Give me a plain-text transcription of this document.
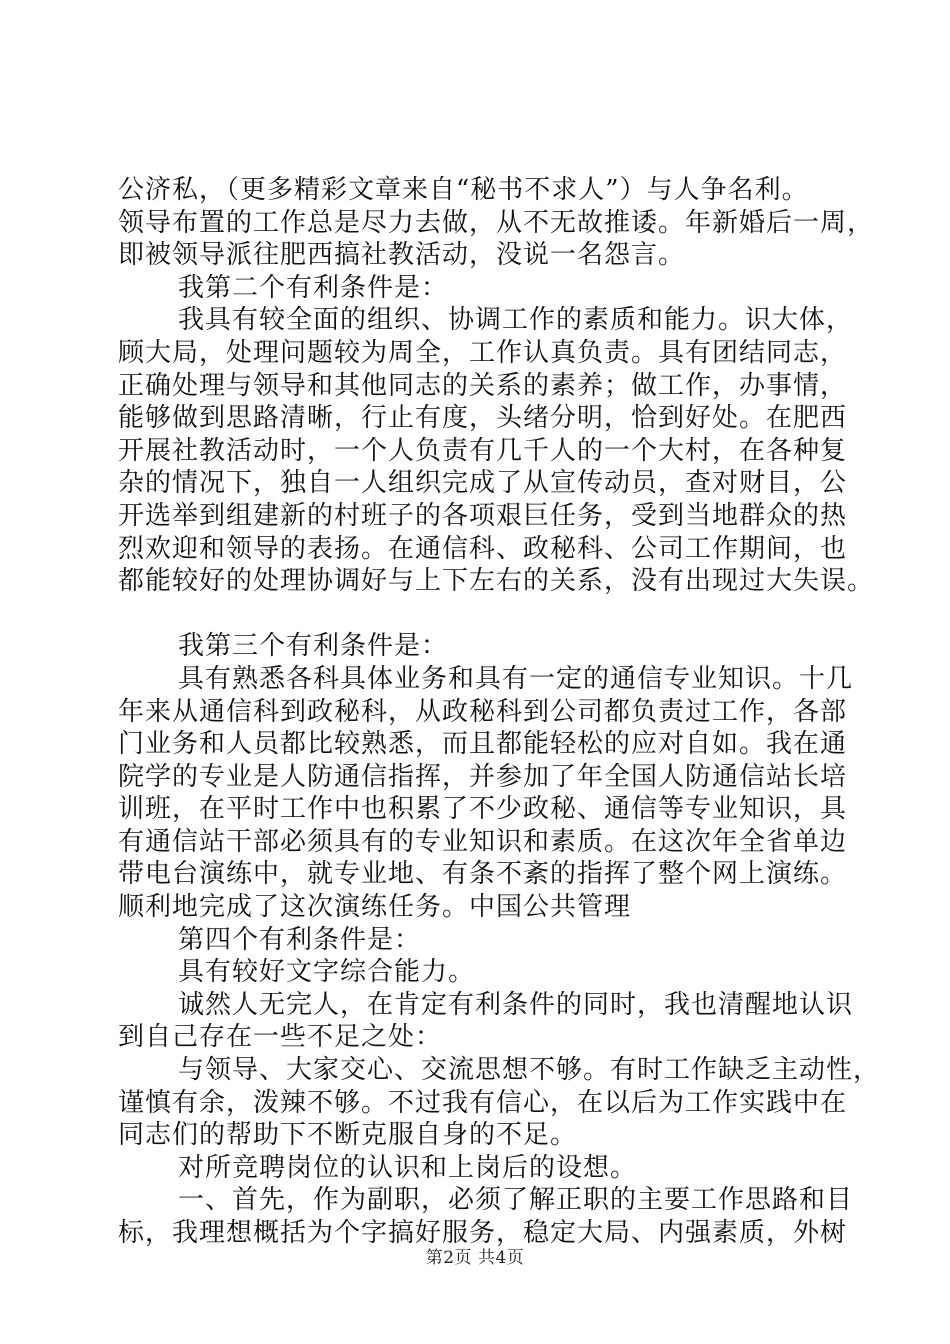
公济私，（更多精彩文章来自“秘书不求人”）与人争名利。
领导布置的工作总是尽力去做，从不无故推诿。年新婚后一周，
即被领导派往肥西搞社教活动，没说一名怨言。
我第二个有利条件是：
我具有较全面的组织、协调工作的素质和能力。识大体，
顾大局，处理问题较为周全，工作认真负责。具有团结同志，
正确处理与领导和其他同志的关系的素养；做工作，办事情，
能够做到思路清晰，行止有度，头绪分明，恰到好处。在肥西
开展社教活动时，一个人负责有几千人的一个大村，在各种复
杂的情况下，独自一人组织完成了从宣传动员，查对财目，公
开选举到组建新的村班子的各项艰巨任务，受到当地群众的热
烈欢迎和领导的表扬。在通信科、政秘科、公司工作期间，也
都能较好的处理协调好与上下左右的关系，没有出现过大失误。
我第三个有利条件是：
具有熟悉各科具体业务和具有一定的通信专业知识。十几
年来从通信科到政秘科，从政秘科到公司都负责过工作，各部
门业务和人员都比较熟悉，而且都能轻松的应对自如。我在通
院学的专业是人防通信指挥，并参加了年全国人防通信站长培
训班，在平时工作中也积累了不少政秘、通信等专业知识，具
有通信站干部必须具有的专业知识和素质。在这次年全省单边
带电台演练中，就专业地、有条不紊的指挥了整个网上演练。
顺利地完成了这次演练任务。中国公共管理
第四个有利条件是：
具有较好文字综合能力。
诚然人无完人，在肯定有利条件的同时，我也清醒地认识
到自己存在一些不足之处：
与领导、大家交心、交流思想不够。有时工作缺乏主动性，
谨慎有余，泼辣不够。不过我有信心，在以后为工作实践中在
同志们的帮助下不断克服自身的不足。
对所竞聘岗位的认识和上岗后的设想。
一、首先，作为副职，必须了解正职的主要工作思路和目
标，我理想概括为个字搞好服务，稳定大局、内强素质，外树
第2页 共4页
